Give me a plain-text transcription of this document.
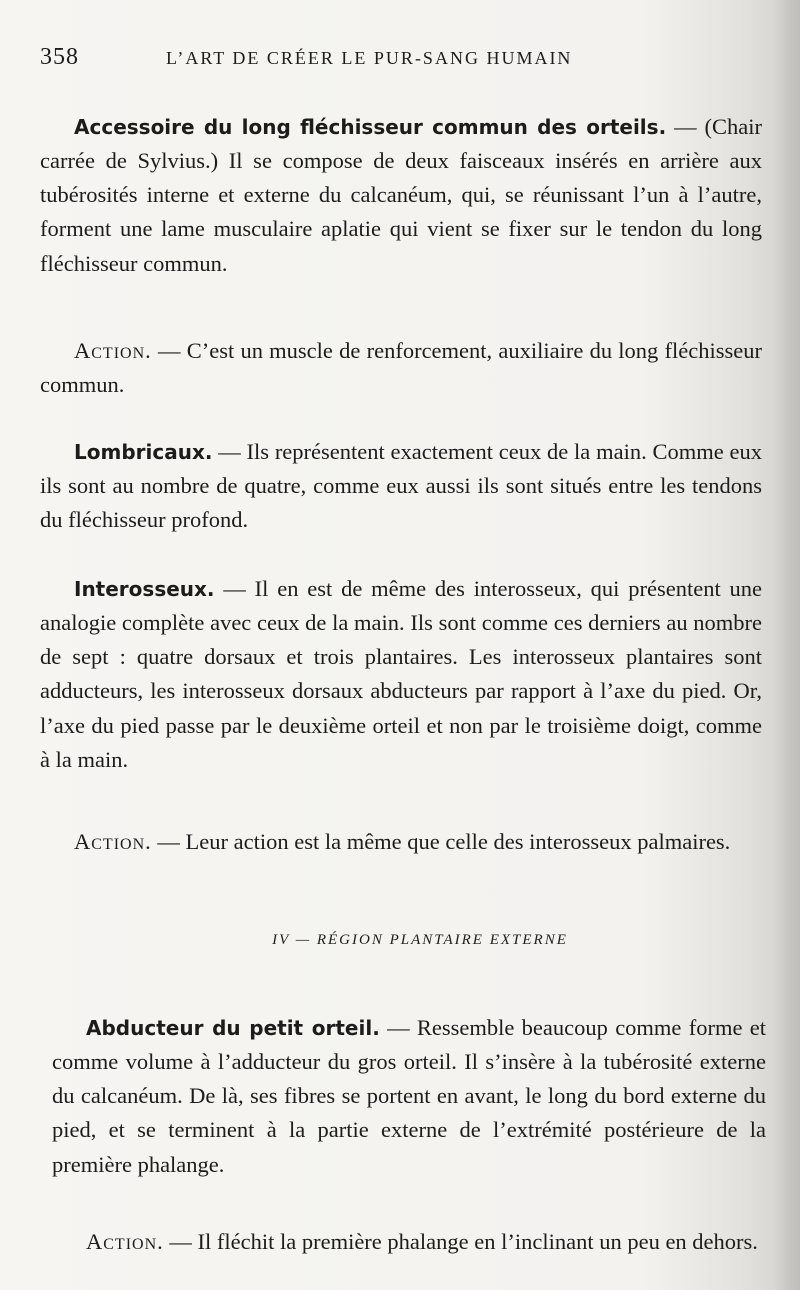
358	L’ART DE CRÉER LE PUR-SANG HUMAIN

Accessoire du long fléchisseur commun des orteils. — (Chair carrée de Sylvius.) Il se compose de deux faisceaux insérés en arrière aux tubérosités interne et externe du calcanéum, qui, se réunissant l’un à l’autre, forment une lame musculaire aplatie qui vient se fixer sur le tendon du long fléchisseur commun.

Action. — C’est un muscle de renforcement, auxiliaire du long fléchisseur commun.

Lombricaux. — Ils représentent exactement ceux de la main. Comme eux ils sont au nombre de quatre, comme eux aussi ils sont situés entre les tendons du fléchisseur profond.

Interosseux. — Il en est de même des interosseux, qui présentent une analogie complète avec ceux de la main. Ils sont comme ces derniers au nombre de sept : quatre dorsaux et trois plantaires. Les interosseux plantaires sont adducteurs, les interosseux dorsaux abducteurs par rapport à l’axe du pied. Or, l’axe du pied passe par le deuxième orteil et non par le troisième doigt, comme à la main.

Action. — Leur action est la même que celle des interosseux palmaires.

IV — RÉGION PLANTAIRE EXTERNE

Abducteur du petit orteil. — Ressemble beaucoup comme forme et comme volume à l’adducteur du gros orteil. Il s’insère à la tubérosité externe du calcanéum. De là, ses fibres se portent en avant, le long du bord externe du pied, et se terminent à la partie externe de l’extrémité postérieure de la première phalange.

Action. — Il fléchit la première phalange en l’inclinant un peu en dehors.
